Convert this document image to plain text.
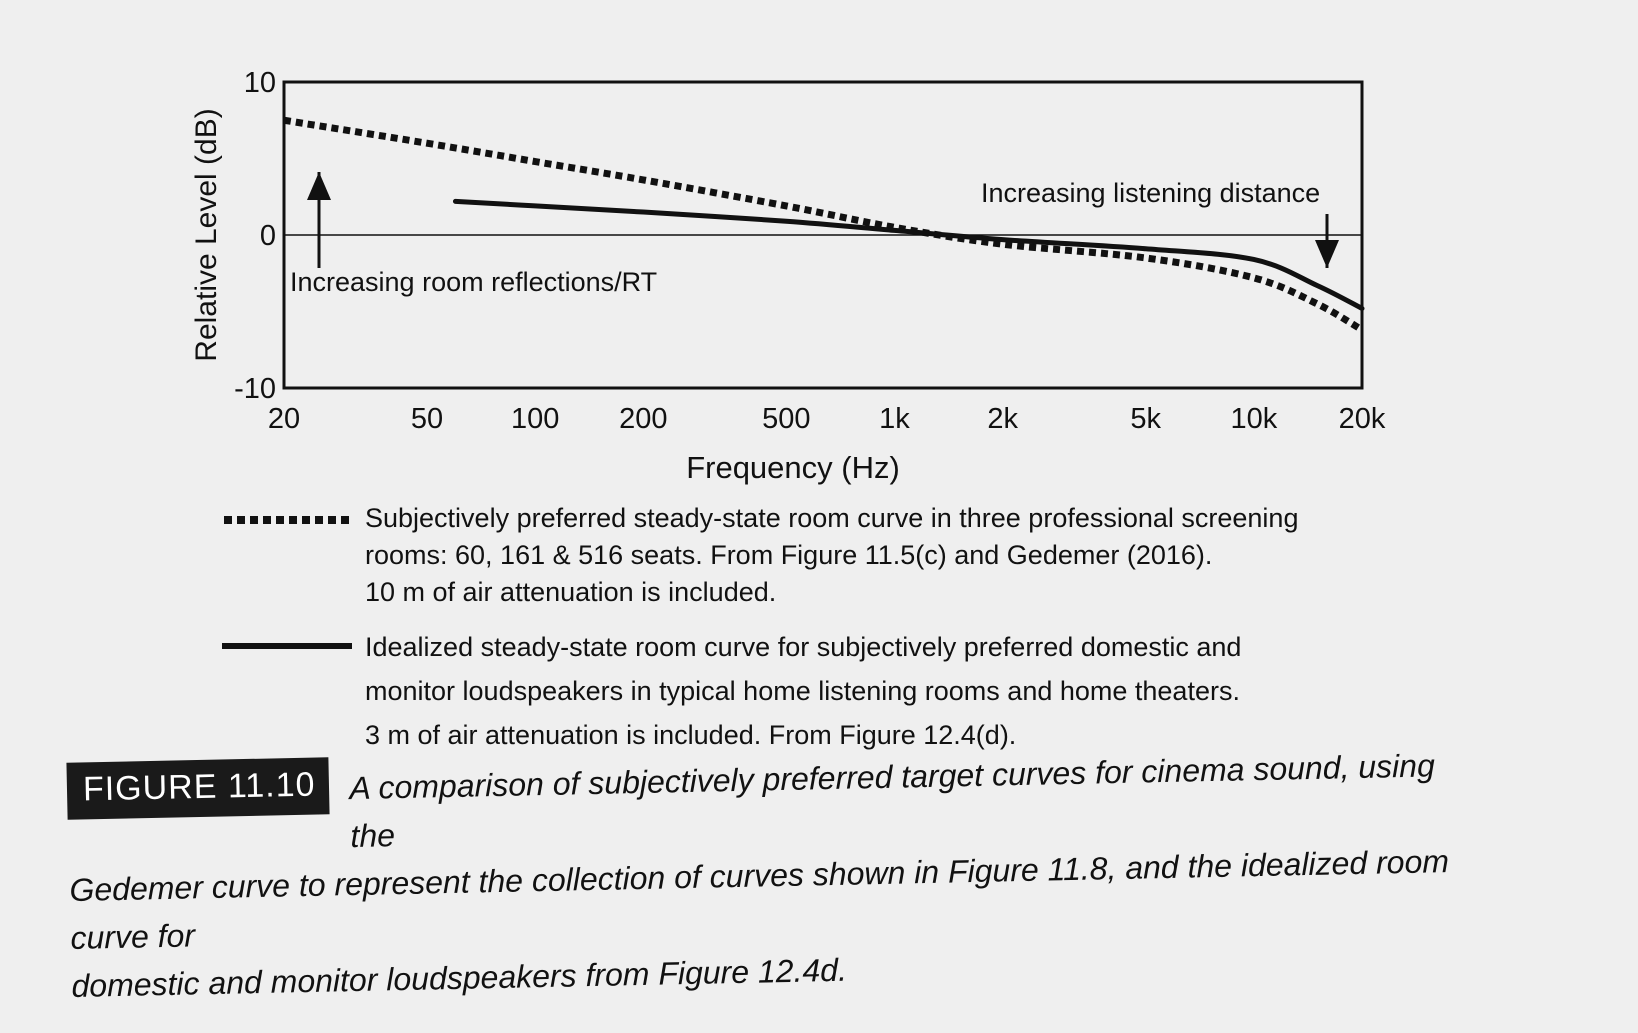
20	50 100 200	500 1k	2k	5k 10k 20k
10
0
-10
Frequency (Hz)
Relative Level (dB) Increasing room reflections/RT
Increasing listening distance
Subjectively preferred steady-state room curve in three professional screening
rooms: 60, 161 & 516 seats. From Figure 11.5(c) and Gedemer (2016).
10 m of air attenuation is included.
Idealized steady-state room curve for subjectively preferred domestic and
monitor loudspeakers in typical home listening rooms and home theaters.
3 m of air attenuation is included. From Figure 12.4(d).
A comparison of subjectively preferred target curves for cinema sound, using the
Gedemer curve to represent the collection of curves shown in Figure 11.8, and the idealized room curve for
domestic and monitor loudspeakers from Figure 12.4d.
FIGURE 11.10
